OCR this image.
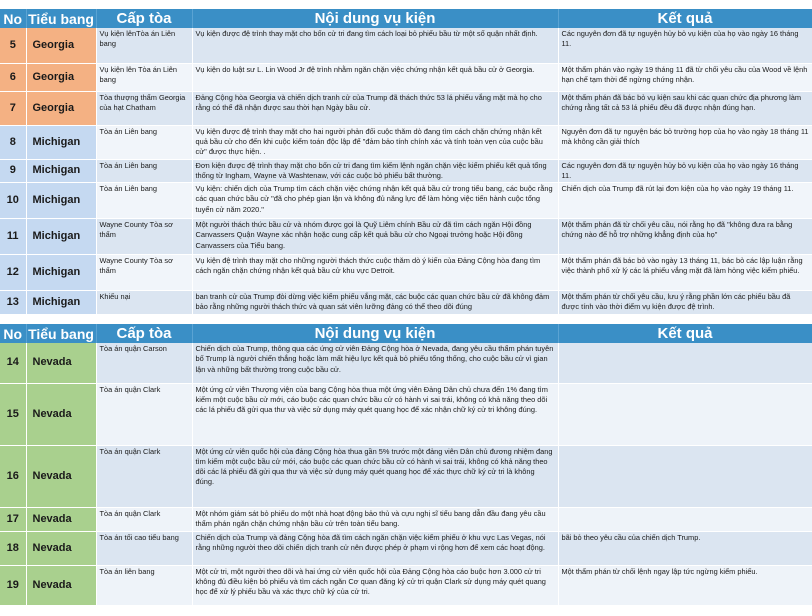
No	Tiểu bang	Cấp tòa	Nội dung vụ kiện	Kết quả
5	Georgia	Vụ kiện lênTòa án Liên bang	Vụ kiện được đệ trình thay mặt cho bốn cử tri đang tìm cách loại bỏ phiếu bầu từ một số quận nhất định.	Các nguyên đơn đã tự nguyện hủy bỏ vụ kiện của họ vào ngày 16 tháng 11.
6	Georgia	Vụ kiện lên Tòa án Liên bang	Vụ kiện do luật sư L. Lin Wood Jr đệ trình nhằm ngăn chặn việc chứng nhận kết quả bầu cử ở Georgia.	Một thẩm phán vào ngày 19 tháng 11 đã từ chối yêu cầu của Wood về lệnh hạn chế tạm thời để ngừng chứng nhận.
7	Georgia	Tòa thượng thẩm Georgia của hạt Chatham	Đảng Cộng hòa Georgia và chiến dịch tranh cử của Trump đã thách thức 53 lá phiếu vắng mặt mà họ cho rằng có thể đã nhận được sau thời hạn Ngày bầu cử.	Một thẩm phán đã bác bỏ vụ kiện sau khi các quan chức địa phương làm chứng rằng tất cả 53 lá phiếu đều đã được nhận đúng hạn.
8	Michigan	Tòa án Liên bang	Vụ kiện được đệ trình thay mặt cho hai người phản đối cuộc thăm dò đang tìm cách chặn chứng nhận kết quả bầu cử cho đến khi cuộc kiểm toán độc lập để "đảm bảo tính chính xác và tính toàn vẹn của cuộc bầu cử" được thực hiện. .	Nguyên đơn đã tự nguyện bác bỏ trường hợp của họ vào ngày 18 tháng 11 mà không cần giải thích
9	Michigan	Tòa án Liên bang	Đơn kiện được đệ trình thay mặt cho bốn cử tri đang tìm kiếm lệnh ngăn chặn việc kiểm phiếu kết quả tổng thống từ Ingham, Wayne và Washtenaw, với các cuộc bỏ phiếu bất thường.	Các nguyên đơn đã tự nguyện hủy bỏ vụ kiện của họ vào ngày 16 tháng 11.
10	Michigan	Tòa án Liên bang	Vụ kiện: chiến dịch của Trump tìm cách chặn việc chứng nhận kết quả bầu cử trong tiểu bang, các buộc rằng các quan chức bầu cử "đã cho phép gian lận và không đủ năng lực để làm hỏng việc tiến hành cuộc tổng tuyển cử năm 2020."	Chiến dịch của Trump đã rút lại đơn kiện của họ vào ngày 19 tháng 11.
11	Michigan	Wayne County Tòa sơ thẩm	Một người thách thức bầu cử và nhóm được gọi là Quỹ Liêm chính Bầu cử đã tìm cách ngăn Hội đồng Canvassers Quận Wayne xác nhận hoặc cung cấp kết quả bầu cử cho Ngoại trưởng hoặc Hội đồng Canvassers của Tiểu bang.	Một thẩm phán đã từ chối yêu cầu, nói rằng họ đã "không đưa ra bằng chứng nào để hỗ trợ những khẳng định của họ"
12	Michigan	Wayne County Tòa sơ thẩm	Vụ kiện đệ trình thay mặt cho những người thách thức cuộc thăm dò ý kiến của Đảng Cộng hòa đang tìm cách ngăn chặn chứng nhận kết quả bầu cử khu vực Detroit.	Một thẩm phán đã bác bỏ vào ngày 13 tháng 11, bác bỏ các lập luận rằng việc thành phố xử lý các lá phiếu vắng mặt đã làm hỏng việc kiểm phiếu.
13	Michigan	Khiếu nại	ban tranh cử của Trump đòi dừng việc kiểm phiếu vắng mặt, các buộc các quan chức bầu cử đã không đảm bảo rằng những người thách thức và quan sát viên lưỡng đảng có thể theo dõi đúng	Một thẩm phán từ chối yêu cầu, lưu ý rằng phần lớn các phiếu bầu đã được tính vào thời điểm vụ kiện được đệ trình.
No	Tiểu bang	Cấp tòa	Nội dung vụ kiện	Kết quả
14	Nevada	Tòa án quận Carson	Chiến dịch của Trump, thông qua các ứng cử viên Đảng Cộng hòa ở Nevada, đang yêu cầu thẩm phán tuyên bố Trump là người chiến thắng hoặc làm mất hiệu lực kết quả bỏ phiếu tổng thống, cho cuộc bầu cử vì gian lận và những bất thường trong cuộc bầu cử.	
15	Nevada	Tòa án quận Clark	Một ứng cử viên Thượng viện của bang Cộng hòa thua một ứng viên Đảng Dân chủ chưa đến 1% đang tìm kiếm một cuộc bầu cử mới, cáo buộc các quan chức bầu cử có hành vi sai trái, không có khả năng theo dõi các lá phiếu đã gửi qua thư và việc sử dụng máy quét quang học để xác nhận chữ ký cử tri không đúng.	
16	Nevada	Tòa án quận Clark	Một ứng cử viên quốc hội của đảng Cộng hòa thua gần 5% trước một đảng viên Dân chủ đương nhiệm đang tìm kiếm một cuộc bầu cử mới, cáo buộc các quan chức bầu cử có hành vi sai trái, không có khả năng theo dõi các lá phiếu đã gửi qua thư và việc sử dụng máy quét quang học để xác thực chữ ký cử tri là không đúng.	
17	Nevada	Tòa án quận Clark	Một nhóm giám sát bỏ phiếu do một nhà hoạt động bảo thủ và cựu nghị sĩ tiểu bang dẫn đầu đang yêu cầu thẩm phán ngăn chặn chứng nhận bầu cử trên toàn tiểu bang.	
18	Nevada	Tòa án tối cao tiểu bang	Chiến dịch của Trump và đảng Cộng hòa đã tìm cách ngăn chặn việc kiểm phiếu ở khu vực Las Vegas, nói rằng những người theo dõi chiến dịch tranh cử nên được phép ở phạm vi rộng hơn để xem các hoạt động.	bãi bỏ theo yêu cầu của chiến dịch Trump.
19	Nevada	Tòa án liên bang	Một cử tri, một người theo dõi và hai ứng cử viên quốc hội của Đảng Cộng hòa cáo buộc hơn 3.000 cử tri không đủ điều kiện bỏ phiếu và tìm cách ngăn Cơ quan đăng ký cử tri quận Clark sử dụng máy quét quang học để xử lý phiếu bầu và xác thực chữ ký của cử tri.	Một thẩm phán từ chối lệnh ngay lập tức ngừng kiểm phiếu.
